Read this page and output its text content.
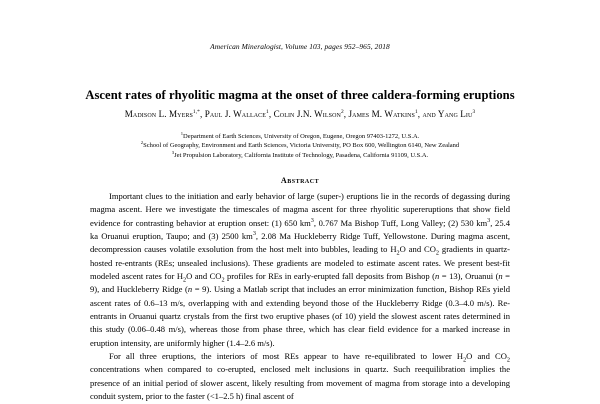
American Mineralogist, Volume 103, pages 952–965, 2018
Ascent rates of rhyolitic magma at the onset of three caldera-forming eruptions
Madison L. Myers$^{1,*}$, Paul J. Wallace$^1$, Colin J.N. Wilson$^2$, James M. Watkins$^1$, and Yang Liu$^3$
$^1$Department of Earth Sciences, University of Oregon, Eugene, Oregon 97403-1272, U.S.A.
$^2$School of Geography, Environment and Earth Sciences, Victoria University, PO Box 600, Wellington 6140, New Zealand
$^3$Jet Propulsion Laboratory, California Institute of Technology, Pasadena, California 91109, U.S.A.
Abstract

Important clues to the initiation and early behavior of large (super-) eruptions lie in the records of degassing during magma ascent. Here we investigate the timescales of magma ascent for three rhyolitic supereruptions that show field evidence for contrasting behavior at eruption onset: (1) 650 $km^3$, 0.767 Ma Bishop Tuff, Long Valley; (2) 530 $km^3$, 25.4 ka Oruanui eruption, Taupo; and (3) 2500 $km^3$, 2.08 Ma Huckleberry Ridge Tuff, Yellowstone. During magma ascent, decompression causes volatile exsolution from the host melt into bubbles, leading to $H_2O$ and $CO_2$ gradients in quartz-hosted re-entrants (REs; unsealed inclusions). These gradients are modeled to estimate ascent rates. We present best-fit modeled ascent rates for $H_2O$ and $CO_2$ profiles for REs in early-erupted fall deposits from Bishop (n = 13), Oruanui (n = 9), and Huckleberry Ridge (n = 9). Using a Matlab script that includes an error minimization function, Bishop REs yield ascent rates of 0.6–13 m/s, overlapping with and extending beyond those of the Huckleberry Ridge (0.3–4.0 m/s). Re-entrants in Oruanui quartz crystals from the first two eruptive phases (of 10) yield the slowest ascent rates determined in this study (0.06–0.48 m/s), whereas those from phase three, which has clear field evidence for a marked increase in eruption intensity, are uniformly higher (1.4–2.6 m/s).

For all three eruptions, the interiors of most REs appear to have re-equilibrated to lower $H_2O$ and $CO_2$ concentrations when compared to co-erupted, enclosed melt inclusions in quartz. Such reequilibration implies the presence of an initial period of slower ascent, likely resulting from movement of magma from storage into a developing conduit system, prior to the faster (<1–2.5 h) final ascent of
